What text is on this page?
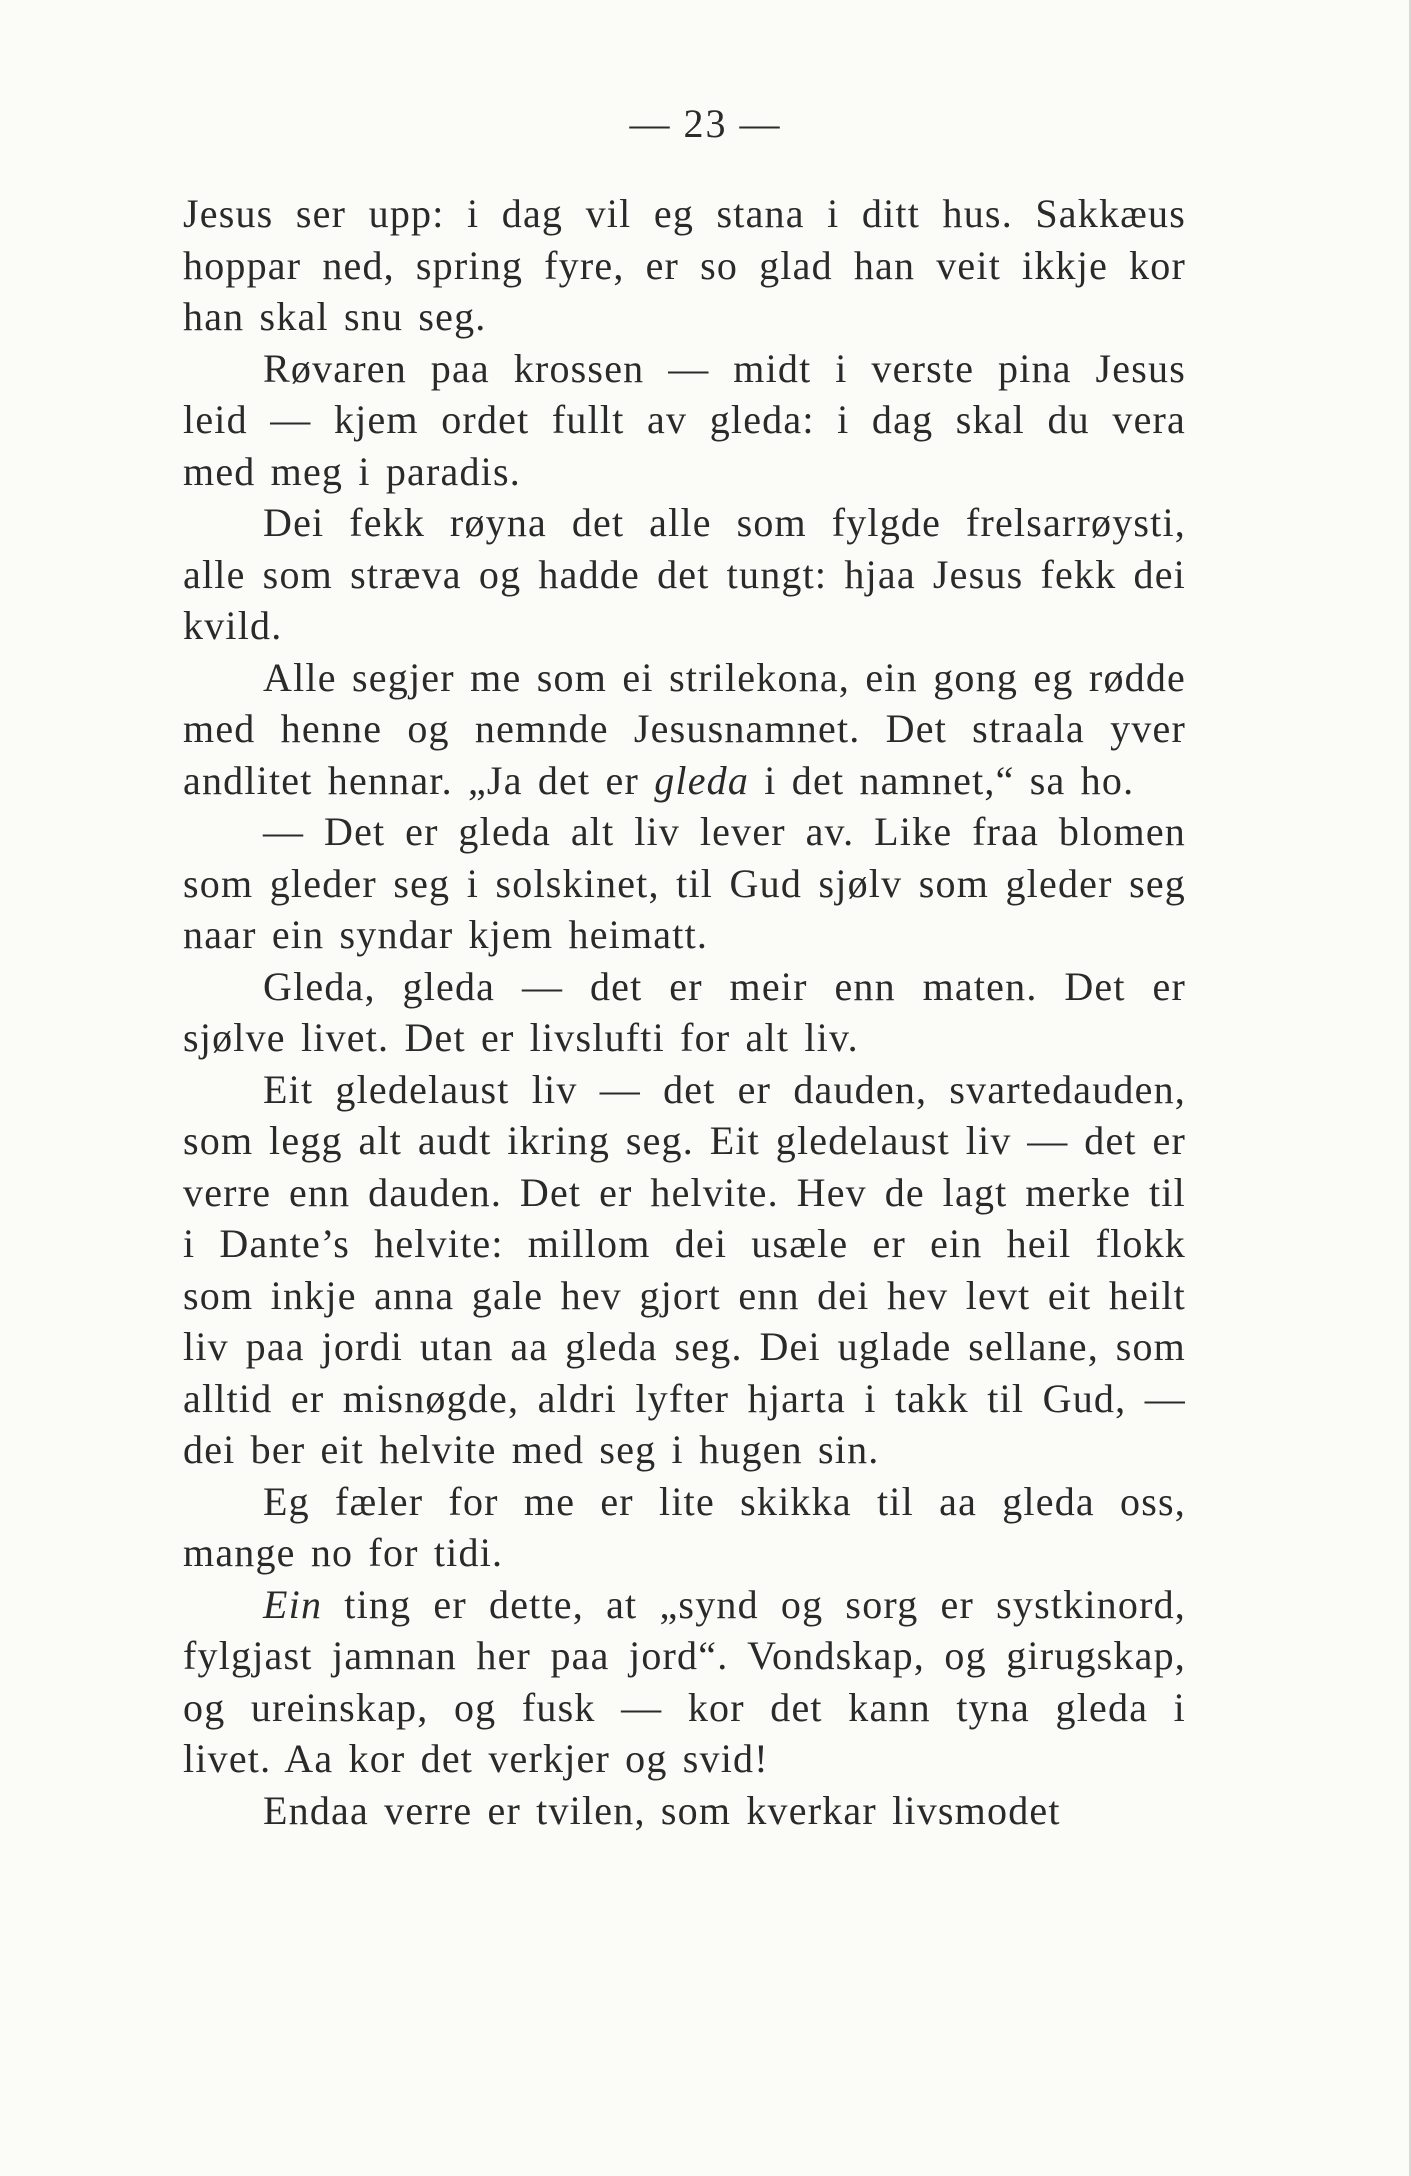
— 23 —

Jesus ser upp: i dag vil eg stana i ditt hus. Sakkæus hoppar ned, spring fyre, er so glad han veit ikkje kor han skal snu seg.

Røvaren paa krossen — midt i verste pina Jesus leid — kjem ordet fullt av gleda: i dag skal du vera med meg i paradis.

Dei fekk røyna det alle som fylgde frelsarrøysti, alle som stræva og hadde det tungt: hjaa Jesus fekk dei kvild.

Alle segjer me som ei strilekona, ein gong eg rødde med henne og nemnde Jesusnamnet. Det straala yver andlitet hennar. „Ja det er gleda i det namnet,“ sa ho.

— Det er gleda alt liv lever av. Like fraa blomen som gleder seg i solskinet, til Gud sjølv som gleder seg naar ein syndar kjem heimatt.

Gleda, gleda — det er meir enn maten. Det er sjølve livet. Det er livslufti for alt liv.

Eit gledelaust liv — det er dauden, svartedauden, som legg alt audt ikring seg. Eit gledelaust liv — det er verre enn dauden. Det er helvite. Hev de lagt merke til i Dante’s helvite: millom dei usæle er ein heil flokk som inkje anna gale hev gjort enn dei hev levt eit heilt liv paa jordi utan aa gleda seg. Dei uglade sellane, som alltid er misnøgde, aldri lyfter hjarta i takk til Gud, — dei ber eit helvite med seg i hugen sin.

Eg fæler for me er lite skikka til aa gleda oss, mange no for tidi.

Ein ting er dette, at „synd og sorg er systkinord, fylgjast jamnan her paa jord“. Vondskap, og girugskap, og ureinskap, og fusk — kor det kann tyna gleda i livet. Aa kor det verkjer og svid!

Endaa verre er tvilen, som kverkar livsmodet
